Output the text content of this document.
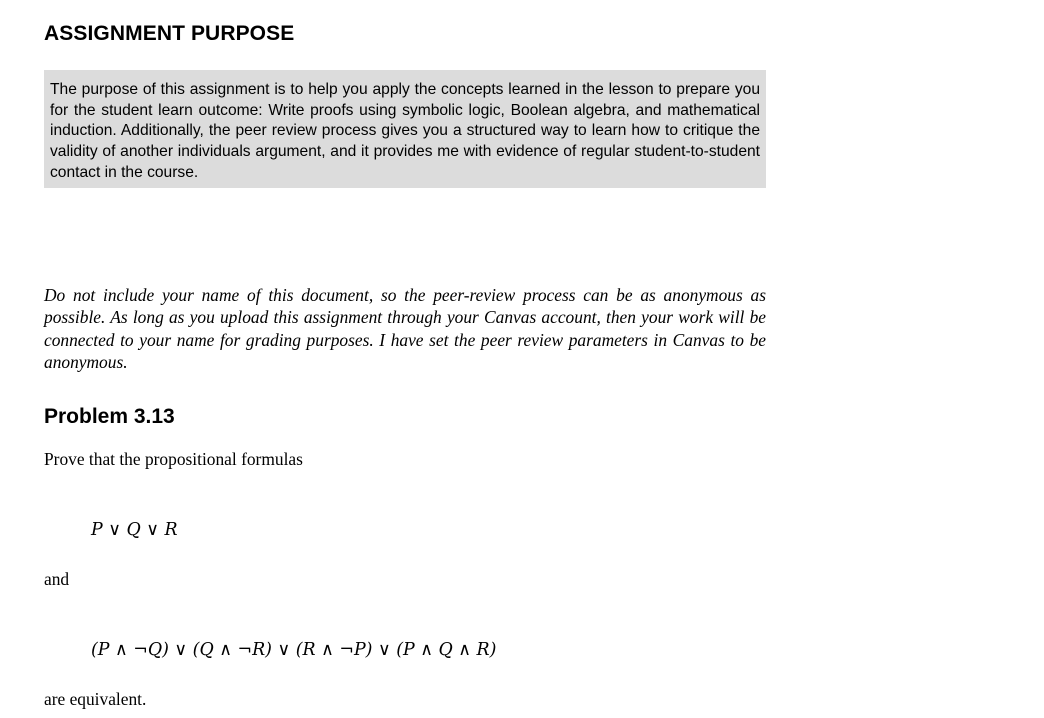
ASSIGNMENT PURPOSE
The purpose of this assignment is to help you apply the concepts learned in the lesson to prepare you for the student learn outcome: Write proofs using symbolic logic, Boolean algebra, and mathematical induction. Additionally, the peer review process gives you a structured way to learn how to critique the validity of another individuals argument, and it provides me with evidence of regular student-to-student contact in the course.

Do not include your name of this document, so the peer-review process can be as anonymous as possible. As long as you upload this assignment through your Canvas account, then your work will be connected to your name for grading purposes. I have set the peer review parameters in Canvas to be anonymous.

Problem 3.13

Prove that the propositional formulas

P ∨ Q ∨ R

and

(P ∧ ¬Q) ∨ (Q ∧ ¬R) ∨ (R ∧ ¬P) ∨ (P ∧ Q ∧ R)

are equivalent.
